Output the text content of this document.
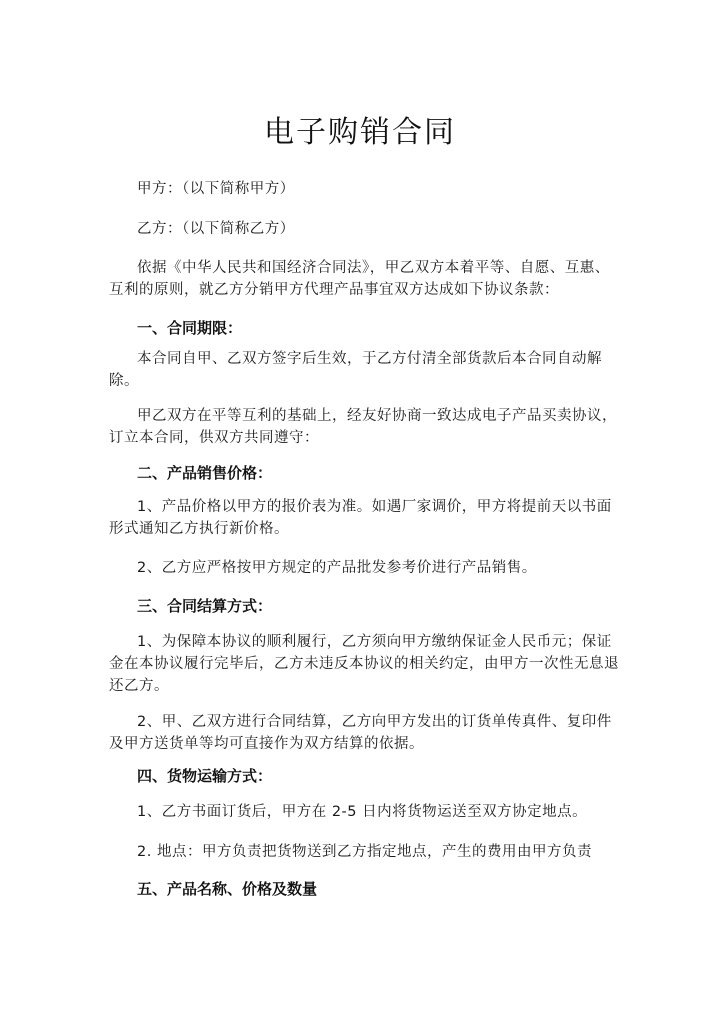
电子购销合同

甲方：（以下简称甲方）

乙方：（以下简称乙方）

依据《中华人民共和国经济合同法》，甲乙双方本着平等、自愿、互惠、互利的原则，就乙方分销甲方代理产品事宜双方达成如下协议条款：

一、合同期限：

本合同自甲、乙双方签字后生效，于乙方付清全部货款后本合同自动解除。

甲乙双方在平等互利的基础上，经友好协商一致达成电子产品买卖协议，订立本合同，供双方共同遵守：

二、产品销售价格：

1、产品价格以甲方的报价表为准。如遇厂家调价，甲方将提前天以书面形式通知乙方执行新价格。

2、乙方应严格按甲方规定的产品批发参考价进行产品销售。

三、合同结算方式：

1、为保障本协议的顺利履行，乙方须向甲方缴纳保证金人民币元；保证金在本协议履行完毕后，乙方未违反本协议的相关约定，由甲方一次性无息退还乙方。

2、甲、乙双方进行合同结算，乙方向甲方发出的订货单传真件、复印件及甲方送货单等均可直接作为双方结算的依据。

四、货物运输方式：

1、乙方书面订货后，甲方在 2-5 日内将货物运送至双方协定地点。

2. 地点：甲方负责把货物送到乙方指定地点，产生的费用由甲方负责

五、产品名称、价格及数量
